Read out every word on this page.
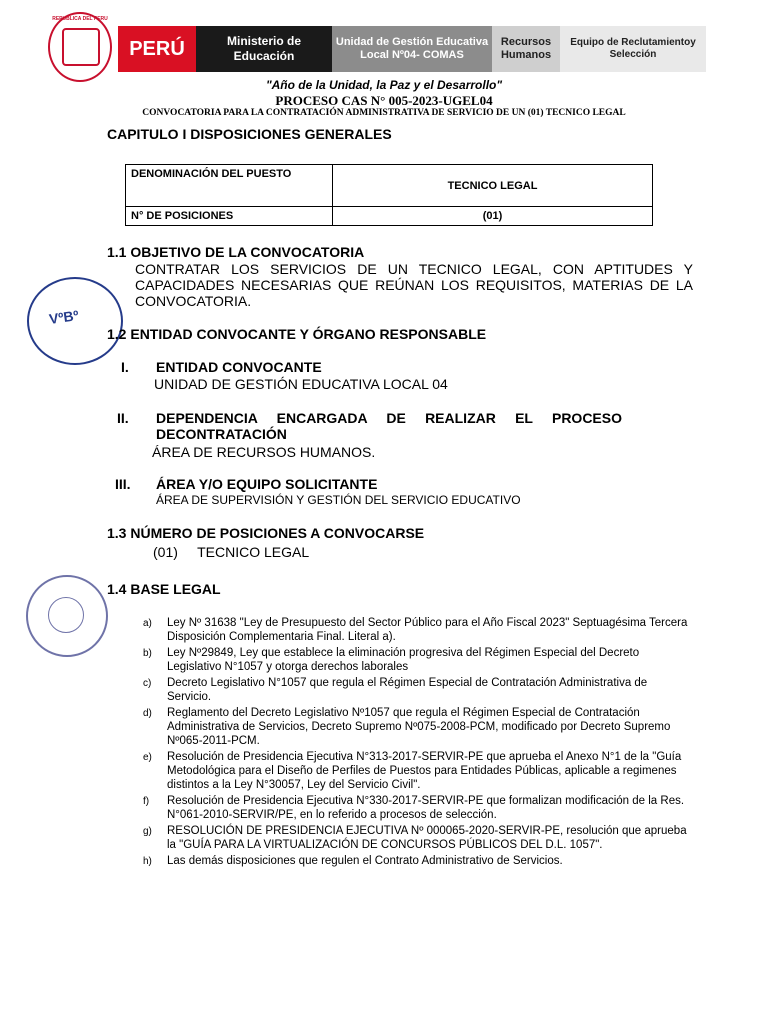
REPUBLICA DEL PERU
PERÚ	Ministerio de Educación
Unidad de Gestión Educativa Local Nº04- COMAS
Recursos Humanos
Equipo de Reclutamientoy Selección
"Año de la Unidad, la Paz y el Desarrollo"
PROCESO CAS N° 005-2023-UGEL04
CONVOCATORIA PARA LA CONTRATACIÓN ADMINISTRATIVA DE SERVICIO DE UN (01) TECNICO LEGAL
CAPITULO I DISPOSICIONES GENERALES
DENOMINACIÓN DEL PUESTO	TECNICO LEGAL
N° DE POSICIONES	(01)
VºBº
1.1 OBJETIVO DE LA CONVOCATORIA
CONTRATAR LOS SERVICIOS DE UN TECNICO LEGAL, CON APTITUDES Y CAPACIDADES NECESARIAS QUE REÚNAN LOS REQUISITOS, MATERIAS DE LA CONVOCATORIA.
1.2 ENTIDAD CONVOCANTE Y ÓRGANO RESPONSABLE
I. ENTIDAD CONVOCANTE
UNIDAD DE GESTIÓN EDUCATIVA LOCAL 04
II. DEPENDENCIA ENCARGADA DE REALIZAR EL PROCESO DECONTRATACIÓN
ÁREA DE RECURSOS HUMANOS.
III. ÁREA Y/O EQUIPO SOLICITANTE
ÁREA DE SUPERVISIÓN Y GESTIÓN DEL SERVICIO EDUCATIVO
1.3 NÚMERO DE POSICIONES A CONVOCARSE
(01)     TECNICO LEGAL
1.4 BASE LEGAL
a)	Ley Nº 31638 "Ley de Presupuesto del Sector Público para el Año Fiscal 2023" Septuagésima Tercera Disposición Complementaria Final. Literal a).
b)	Ley Nº29849, Ley que establece la eliminación progresiva del Régimen Especial del Decreto Legislativo N°1057 y otorga derechos laborales
c)	Decreto Legislativo N°1057 que regula el Régimen Especial de Contratación Administrativa de Servicio.
d)	Reglamento del Decreto Legislativo Nº1057 que regula el Régimen Especial de Contratación Administrativa de Servicios, Decreto Supremo Nº075-2008-PCM, modificado por Decreto Supremo Nº065-2011-PCM.
e)	Resolución de Presidencia Ejecutiva N°313-2017-SERVIR-PE que aprueba el Anexo N°1 de la "Guía Metodológica para el Diseño de Perfiles de Puestos para Entidades Públicas, aplicable a regimenes distintos a la Ley N°30057, Ley del Servicio Civil".
f)	Resolución de Presidencia Ejecutiva N°330-2017-SERVIR-PE que formalizan modificación de la Res. N°061-2010-SERVIR/PE, en lo referido a procesos de selección.
g)	RESOLUCIÓN DE PRESIDENCIA EJECUTIVA Nº 000065-2020-SERVIR-PE, resolución que aprueba la "GUÍA PARA LA VIRTUALIZACIÓN DE CONCURSOS PÚBLICOS DEL D.L. 1057".
h)	Las demás disposiciones que regulen el Contrato Administrativo de Servicios.
